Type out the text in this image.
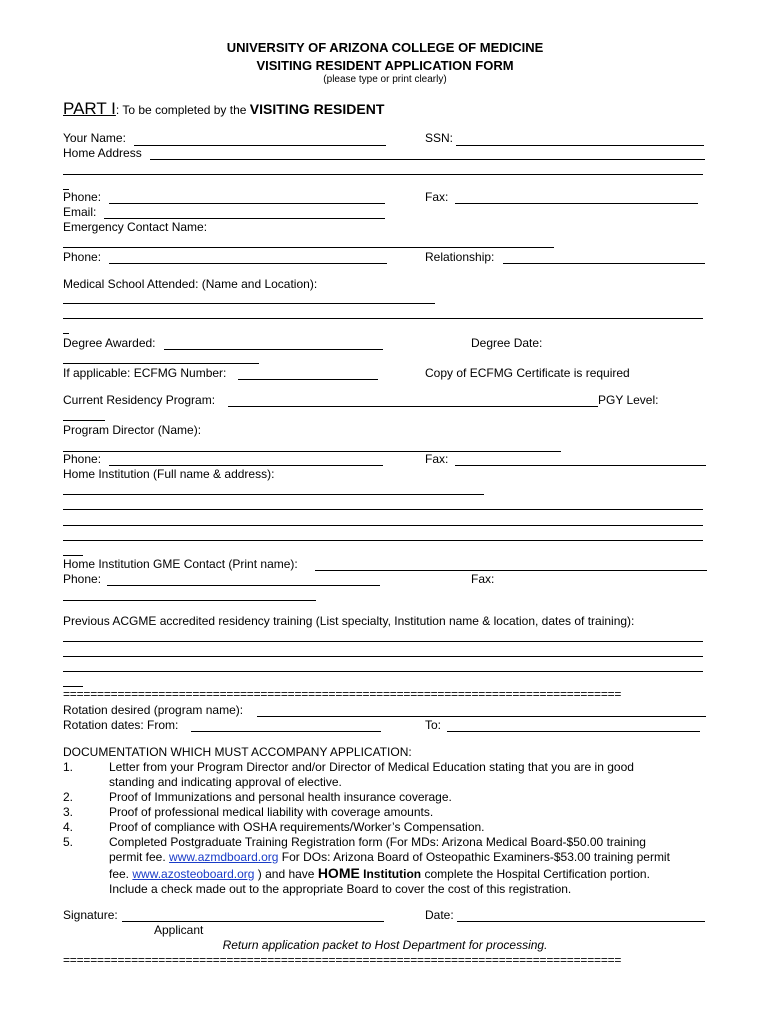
UNIVERSITY OF ARIZONA COLLEGE OF MEDICINE
VISITING RESIDENT APPLICATION FORM
(please type or print clearly)
PART I: To be completed by the VISITING RESIDENT
Your Name:	SSN:
Home Address
Phone:	Fax:
Email:
Emergency Contact Name:
Phone:	Relationship:
Medical School Attended: (Name and Location):
Degree Awarded:	Degree Date:
If applicable: ECFMG Number:	Copy of ECFMG Certificate is required
Current Residency Program:	PGY Level:
Program Director (Name):
Phone:	Fax:
Home Institution (Full name & address):
Home Institution GME Contact (Print name):
Phone:	Fax:
Previous ACGME accredited residency training (List specialty, Institution name & location, dates of training):
==================================================================================
Rotation desired (program name):
Rotation dates: From:	To:
DOCUMENTATION WHICH MUST ACCOMPANY APPLICATION:
1.	Letter from your Program Director and/or Director of Medical Education stating that you are in good
standing and indicating approval of elective.
2.	Proof of Immunizations and personal health insurance coverage.
3.	Proof of professional medical liability with coverage amounts.
4.	Proof of compliance with OSHA requirements/Worker’s Compensation.
5.	Completed Postgraduate Training Registration form (For MDs: Arizona Medical Board-$50.00 training
permit fee. www.azmdboard.org For DOs: Arizona Board of Osteopathic Examiners-$53.00 training permit
fee. www.azosteoboard.org ) and have HOME Institution complete the Hospital Certification portion.
Include a check made out to the appropriate Board to cover the cost of this registration.
Signature:	Date:
Applicant
Return application packet to Host Department for processing.
==================================================================================
